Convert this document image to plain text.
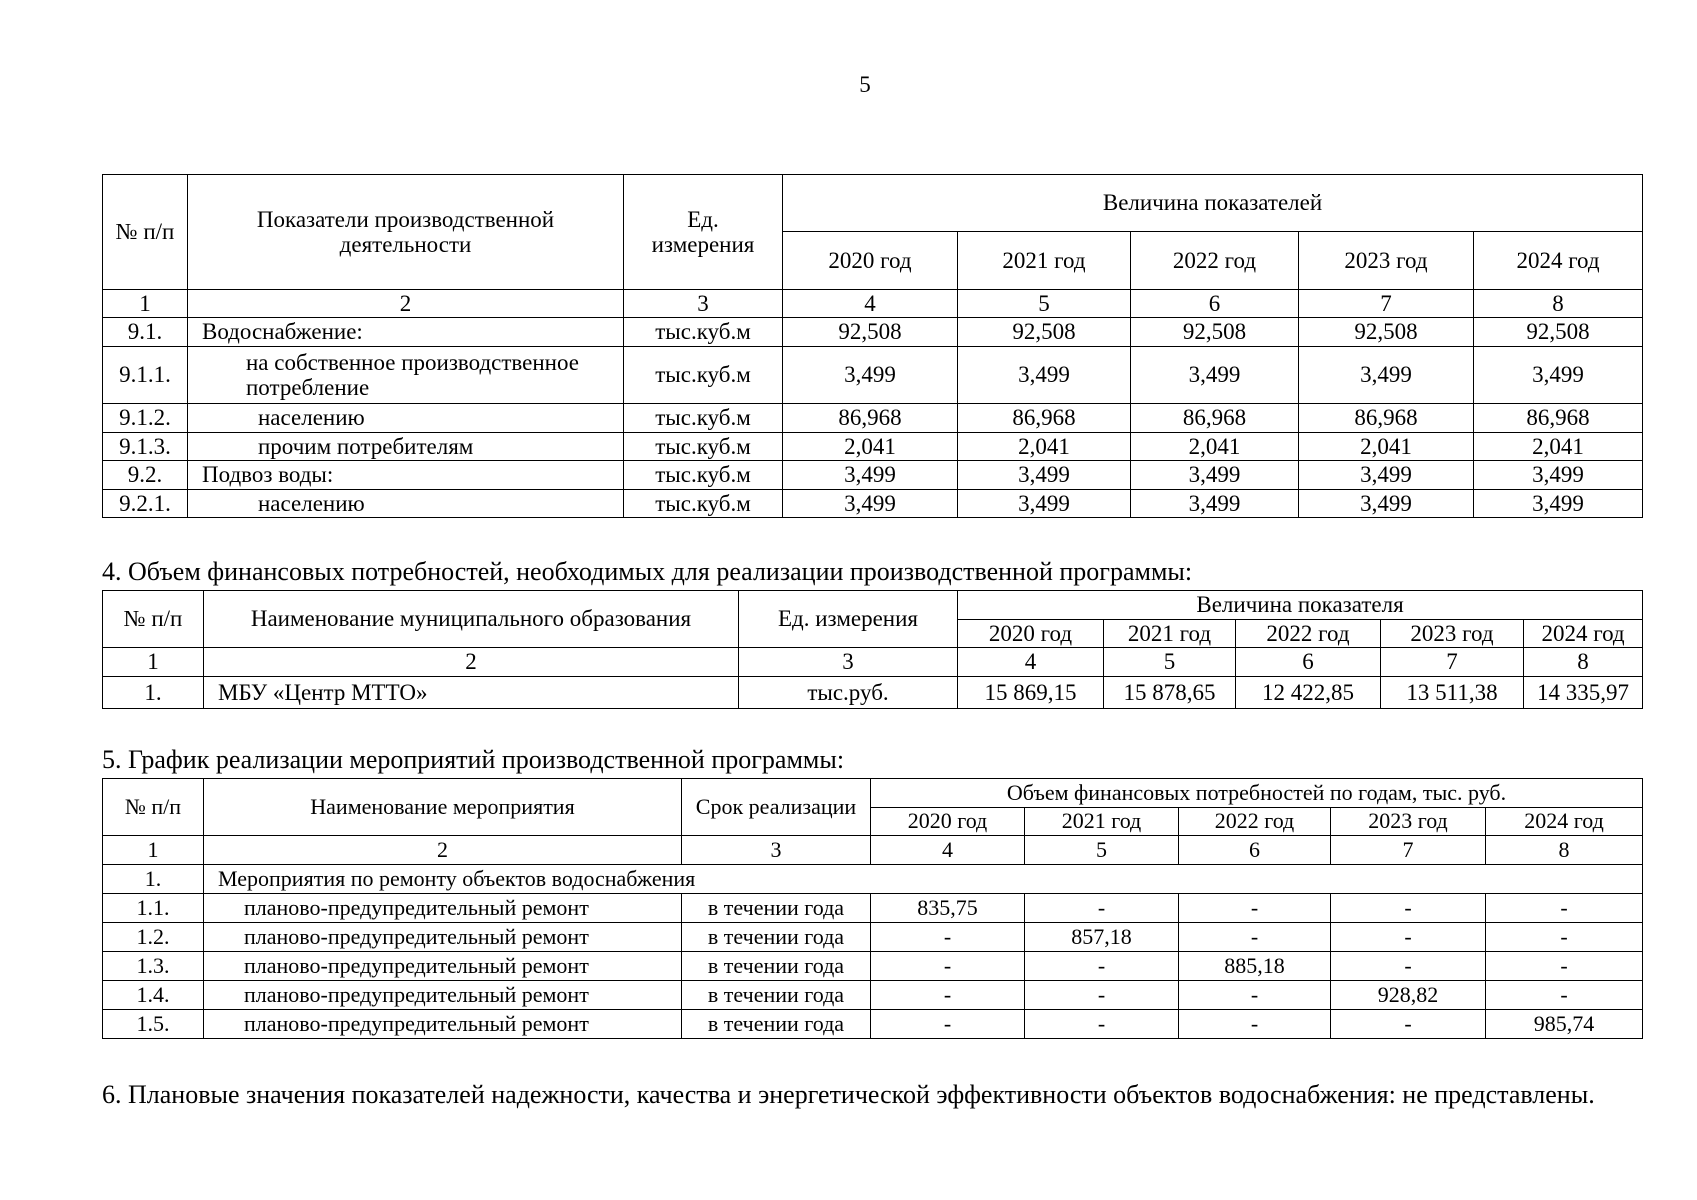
5
№ п/п	Показатели производственной деятельности	Ед. измерения	Величина показателей				
			2020 год	2021 год	2022 год	2023 год	2024 год
1	2	3	4	5	6	7	8
9.1.	Водоснабжение:	тыс.куб.м	92,508	92,508	92,508	92,508	92,508
9.1.1.	на собственное производственное потребление	тыс.куб.м	3,499	3,499	3,499	3,499	3,499
9.1.2.	населению	тыс.куб.м	86,968	86,968	86,968	86,968	86,968
9.1.3.	прочим потребителям	тыс.куб.м	2,041	2,041	2,041	2,041	2,041
9.2.	Подвоз воды:	тыс.куб.м	3,499	3,499	3,499	3,499	3,499
9.2.1.	населению	тыс.куб.м	3,499	3,499	3,499	3,499	3,499
4. Объем финансовых потребностей, необходимых для реализации производственной программы:
№ п/п	Наименование муниципального образования	Ед. измерения	Величина показателя				
			2020 год	2021 год	2022 год	2023 год	2024 год
1	2	3	4	5	6	7	8
1.	МБУ «Центр МТТО»	тыс.руб.	15 869,15	15 878,65	12 422,85	13 511,38	14 335,97
5. График реализации мероприятий производственной программы:
№ п/п	Наименование мероприятия	Срок реализации	Объем финансовых потребностей по годам, тыс. руб.				
			2020 год	2021 год	2022 год	2023 год	2024 год
1	2	3	4	5	6	7	8
1.	Мероприятия по ремонту объектов водоснабжения						
1.1.	планово-предупредительный ремонт	в течении года	835,75	-	-	-	-
1.2.	планово-предупредительный ремонт	в течении года	-	857,18	-	-	-
1.3.	планово-предупредительный ремонт	в течении года	-	-	885,18	-	-
1.4.	планово-предупредительный ремонт	в течении года	-	-	-	928,82	-
1.5.	планово-предупредительный ремонт	в течении года	-	-	-	-	985,74
6. Плановые значения показателей надежности, качества и энергетической эффективности объектов водоснабжения: не представлены.
